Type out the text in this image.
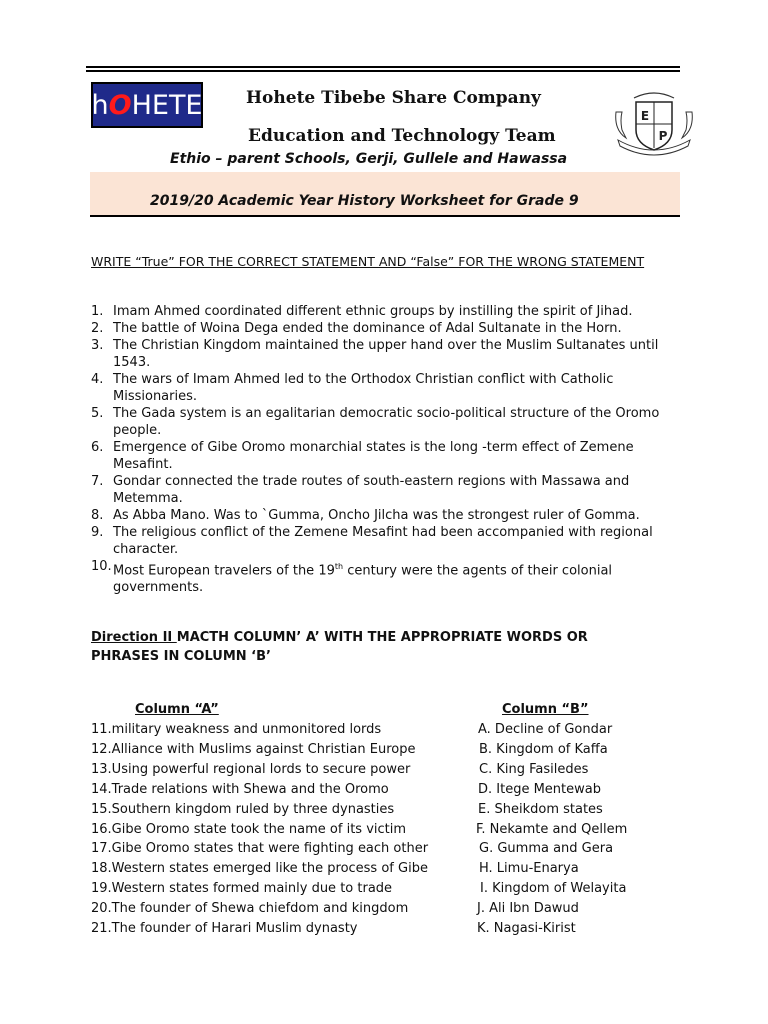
h O HETE	Hohete Tibebe Share Company
Education and Technology Team
Ethio – parent Schools, Gerji, Gullele and Hawassa
E
P
2019/20 Academic Year History Worksheet for Grade 9
WRITE “True” FOR THE CORRECT STATEMENT AND “False” FOR THE WRONG STATEMENT
1. Imam Ahmed coordinated different ethnic groups by instilling the spirit of Jihad.
2. The battle of Woina Dega ended the dominance of Adal Sultanate in the Horn.
3. The Christian Kingdom maintained the upper hand over the Muslim Sultanates until 1543.
4. The wars of Imam Ahmed led to the Orthodox Christian conflict with Catholic Missionaries.
5. The Gada system is an egalitarian democratic socio-political structure of the Oromo people.
6. Emergence of Gibe Oromo monarchial states is the long -term effect of Zemene Mesafint.
7. Gondar connected the trade routes of south-eastern regions with Massawa and Metemma.
8. As Abba Mano. Was to `Gumma, Oncho Jilcha was the strongest ruler of Gomma.
9. The religious conflict of the Zemene Mesafint had been accompanied with regional character.
10. Most European travelers of the 19th century were the agents of their colonial governments.
Direction II MACTH COLUMN’ A’ WITH THE APPROPRIATE WORDS OR PHRASES IN COLUMN ‘B’
Column “A”	Column “B”
11.military weakness and unmonitored lords	A. Decline of Gondar
12.Alliance with Muslims against Christian Europe	B. Kingdom of Kaffa
13.Using powerful regional lords to secure power	C. King Fasiledes
14.Trade relations with Shewa and the Oromo	D. Itege Mentewab
15.Southern kingdom ruled by three dynasties	E. Sheikdom states
16.Gibe Oromo state took the name of its victim	F. Nekamte and Qellem
17.Gibe Oromo states that were fighting each other	G. Gumma and Gera
18.Western states emerged like the process of Gibe	H. Limu-Enarya
19.Western states formed mainly due to trade	I. Kingdom of Welayita
20.The founder of Shewa chiefdom and kingdom	J. Ali Ibn Dawud
21.The founder of Harari Muslim dynasty	K. Nagasi-Kirist
